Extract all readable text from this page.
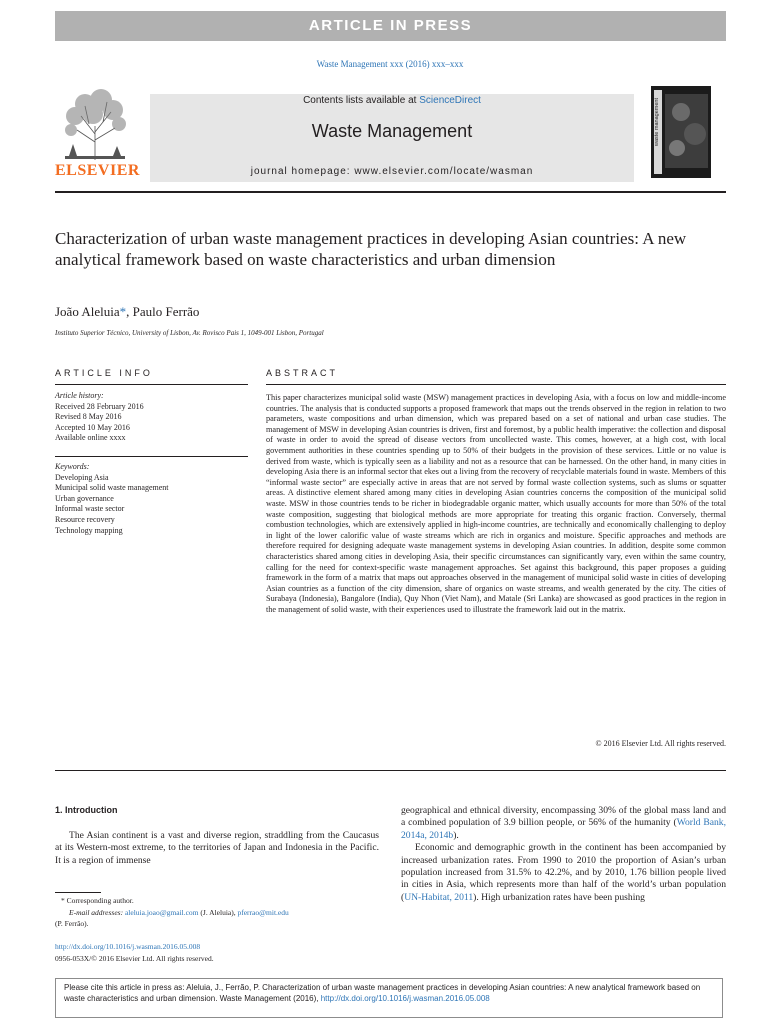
ARTICLE IN PRESS
Waste Management xxx (2016) xxx–xxx
ELSEVIER
Contents lists available at ScienceDirect
Waste Management
journal homepage: www.elsevier.com/locate/wasman
waste management
Characterization of urban waste management practices in developing Asian countries: A new analytical framework based on waste characteristics and urban dimension
João Aleluia*, Paulo Ferrão
Instituto Superior Técnico, University of Lisbon, Av. Rovisco Pais 1, 1049-001 Lisbon, Portugal
ARTICLE INFO	ABSTRACT
Article history:
Received 28 February 2016
Revised 8 May 2016
Accepted 10 May 2016
Available online xxxx
Keywords:
Developing Asia
Municipal solid waste management
Urban governance
Informal waste sector
Resource recovery
Technology mapping
This paper characterizes municipal solid waste (MSW) management practices in developing Asia, with a focus on low and middle-income countries. The analysis that is conducted supports a proposed framework that maps out the trends observed in the region in relation to two parameters, waste compositions and urban dimension, which was prepared based on a set of national and urban case studies. The management of MSW in developing Asian countries is driven, first and foremost, by a public health imperative: the collection and disposal of waste in order to avoid the spread of disease vectors from uncollected waste. This comes, however, at a high cost, with local government authorities in these countries spending up to 50% of their budgets in the provision of these services. Little or no value is derived from waste, which is typically seen as a liability and not as a resource that can be harnessed. On the other hand, in many cities in developing Asia there is an informal sector that ekes out a living from the recovery of recyclable materials found in waste. Members of this “informal waste sector” are especially active in areas that are not served by formal waste collection systems, such as slums or squatter areas. A distinctive element shared among many cities in developing Asian countries concerns the composition of the municipal solid waste. MSW in those countries tends to be richer in biodegradable organic matter, which usually accounts for more than 50% of the total waste composition, suggesting that biological methods are more appropriate for treating this organic fraction. Conversely, thermal combustion technologies, which are extensively applied in high-income countries, are technically and economically challenging to deploy in light of the lower calorific value of waste streams which are rich in organics and moisture. Specific approaches and methods are therefore required for designing adequate waste management systems in developing Asian countries. In addition, despite some common characteristics shared among cities in developing Asia, their specific circumstances can significantly vary, even within the same country, calling for the need for context-specific waste management approaches. Set against this background, this paper proposes a guiding framework in the form of a matrix that maps out approaches observed in the management of municipal solid waste in cities of developing Asian countries as a function of the city dimension, share of organics on waste streams, and wealth generated by the city. The cities of Surabaya (Indonesia), Bangalore (India), Quy Nhon (Viet Nam), and Matale (Sri Lanka) are showcased as good practices in the region in the management of solid waste, with their experiences used to illustrate the framework laid out in the matrix.
© 2016 Elsevier Ltd. All rights reserved.
1. Introduction
The Asian continent is a vast and diverse region, straddling from the Caucasus at its Western-most extreme, to the territories of Japan and Indonesia in the Pacific. It is a region of immense
geographical and ethnical diversity, encompassing 30% of the global mass land and a combined population of 3.9 billion people, or 56% of the humanity (World Bank, 2014a, 2014b).
Economic and demographic growth in the continent has been accompanied by increased urbanization rates. From 1990 to 2010 the proportion of Asian’s urban population increased from 31.5% to 42.2%, and by 2010, 1.76 billion people lived in cities in Asia, which represents more than half of the world’s urban population (UN-Habitat, 2011). High urbanization rates have been pushing
* Corresponding author.
E-mail addresses: aleluia.joao@gmail.com (J. Aleluia), pferrao@mit.edu
(P. Ferrão).
http://dx.doi.org/10.1016/j.wasman.2016.05.008
0956-053X/© 2016 Elsevier Ltd. All rights reserved.
Please cite this article in press as: Aleluia, J., Ferrão, P. Characterization of urban waste management practices in developing Asian countries: A new analytical framework based on waste characteristics and urban dimension. Waste Management (2016), http://dx.doi.org/10.1016/j.wasman.2016.05.008
